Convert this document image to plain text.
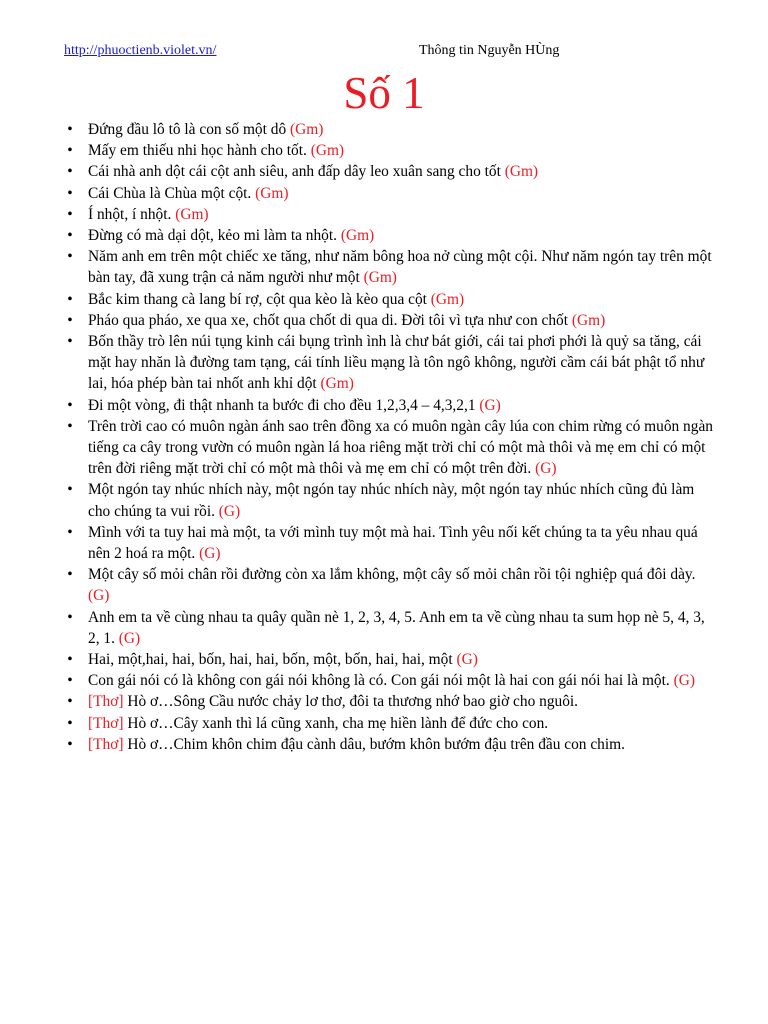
http://phuoctienb.violet.vn/	Thông tin Nguyễn HÙng
Số 1
• Đứng đầu lô tô là con số một dô (Gm)
• Mấy em thiếu nhi học hành cho tốt. (Gm)
• Cái nhà anh dột cái cột anh siêu, anh đấp dây leo xuân sang cho tốt (Gm)
• Cái Chùa là Chùa một cột. (Gm)
• Í nhột, í nhột. (Gm)
• Đừng có mà dại dột, kẻo mi làm ta nhột. (Gm)
• Năm anh em trên một chiếc xe tăng, như năm bông hoa nở cùng một cội. Như năm ngón tay trên một bàn tay, đã xung trận cả năm người như một (Gm)
• Bắc kim thang cà lang bí rợ, cột qua kèo là kèo qua cột (Gm)
• Pháo qua pháo, xe qua xe, chốt qua chốt di qua di. Đời tôi vì tựa như con chốt (Gm)
• Bốn thầy trò lên núi tụng kinh cái bụng trình ình là chư bát giới, cái tai phơi phới là quỷ sa tăng, cái mặt hay nhăn là đường tam tạng, cái tính liều mạng là tôn ngô không, người cầm cái bát phật tổ như lai, hóa phép bàn tai nhốt anh khỉ dột (Gm)
• Đi một vòng, đi thật nhanh ta bước đi cho đều 1,2,3,4 – 4,3,2,1 (G)
• Trên trời cao có muôn ngàn ánh sao trên đồng xa có muôn ngàn cây lúa con chim rừng có muôn ngàn tiếng ca cây trong vườn có muôn ngàn lá hoa riêng mặt trời chỉ có một mà thôi và mẹ em chỉ có một trên đời riêng mặt trời chỉ có một mà thôi và mẹ em chỉ có một trên đời. (G)
• Một ngón tay nhúc nhích này, một ngón tay nhúc nhích này, một ngón tay nhúc nhích cũng đủ làm cho chúng ta vui rồi. (G)
• Mình với ta tuy hai mà một, ta với mình tuy một mà hai. Tình yêu nối kết chúng ta ta yêu nhau quá nên 2 hoá ra một. (G)
• Một cây số mỏi chân rồi đường còn xa lắm không, một cây số mỏi chân rồi tội nghiệp quá đôi dày. (G)
• Anh em ta về cùng nhau ta quây quần nè 1, 2, 3, 4, 5. Anh em ta về cùng nhau ta sum họp nè 5, 4, 3, 2, 1. (G)
• Hai, một,hai, hai, bốn, hai, hai, bốn, một, bốn, hai, hai, một (G)
• Con gái nói có là không con gái nói không là có. Con gái nói một là hai con gái nói hai là một. (G)
• [Thơ] Hò ơ…Sông Cầu nước chảy lơ thơ, đôi ta thương nhớ bao giờ cho nguôi.
• [Thơ] Hò ơ…Cây xanh thì lá cũng xanh, cha mẹ hiền lành để đức cho con.
• [Thơ] Hò ơ…Chim khôn chim đậu cành dâu, bướm khôn bướm đậu trên đầu con chim.
